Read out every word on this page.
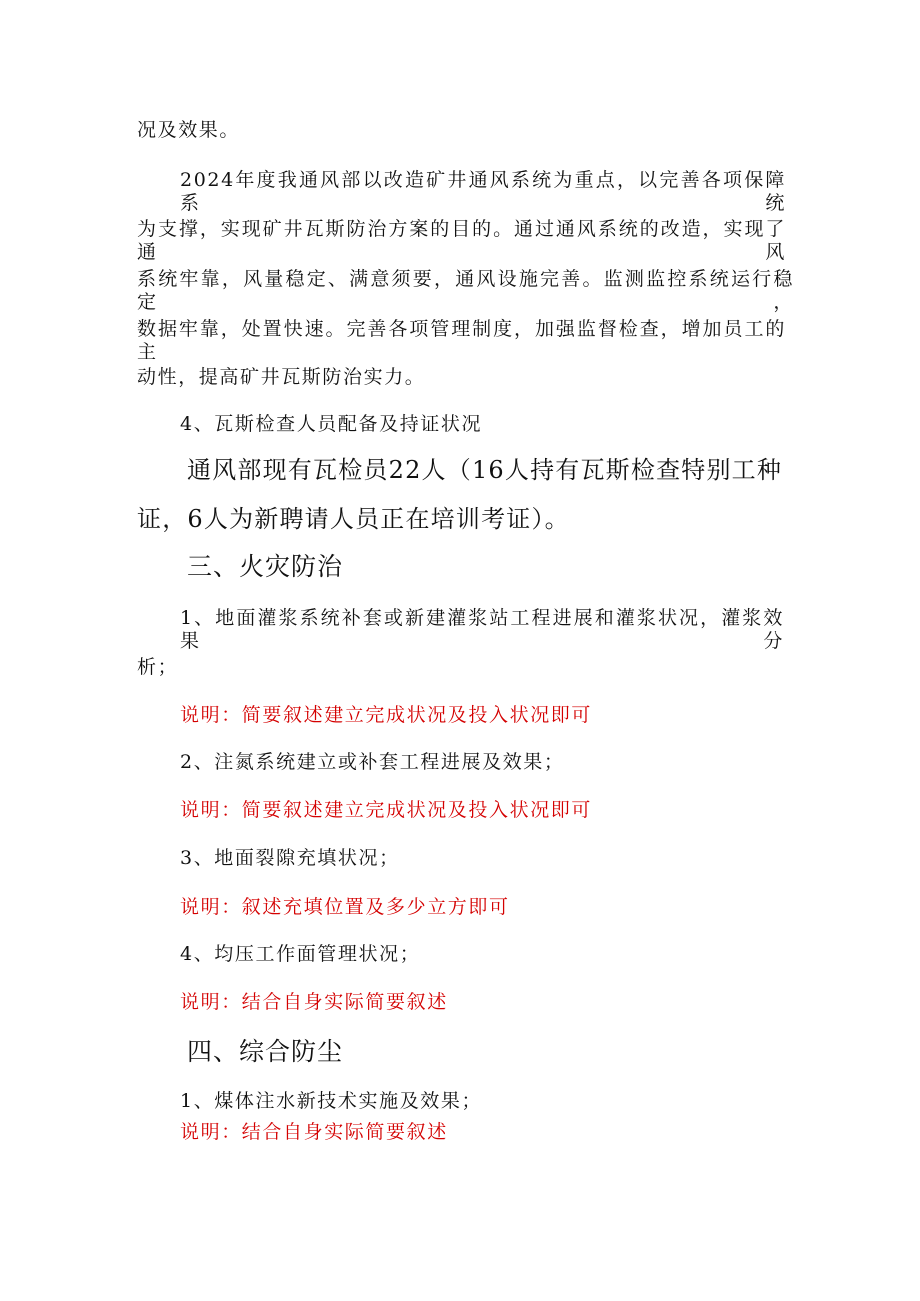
况及效果。

2024年度我通风部以改造矿井通风系统为重点，以完善各项保障系统

为支撑，实现矿井瓦斯防治方案的目的。通过通风系统的改造，实现了通风

系统牢靠，风量稳定、满意须要，通风设施完善。监测监控系统运行稳定，

数据牢靠，处置快速。完善各项管理制度，加强监督检查，增加员工的主

动性，提高矿井瓦斯防治实力。

4、瓦斯检查人员配备及持证状况

通风部现有瓦检员22人（16人持有瓦斯检查特别工种

证，6人为新聘请人员正在培训考证）。

三、火灾防治

1、地面灌浆系统补套或新建灌浆站工程进展和灌浆状况，灌浆效果分

析；

说明：简要叙述建立完成状况及投入状况即可

2、注氮系统建立或补套工程进展及效果；

说明：简要叙述建立完成状况及投入状况即可

3、地面裂隙充填状况；

说明：叙述充填位置及多少立方即可

4、均压工作面管理状况；

说明：结合自身实际简要叙述

四、综合防尘

1、煤体注水新技术实施及效果；

说明：结合自身实际简要叙述
